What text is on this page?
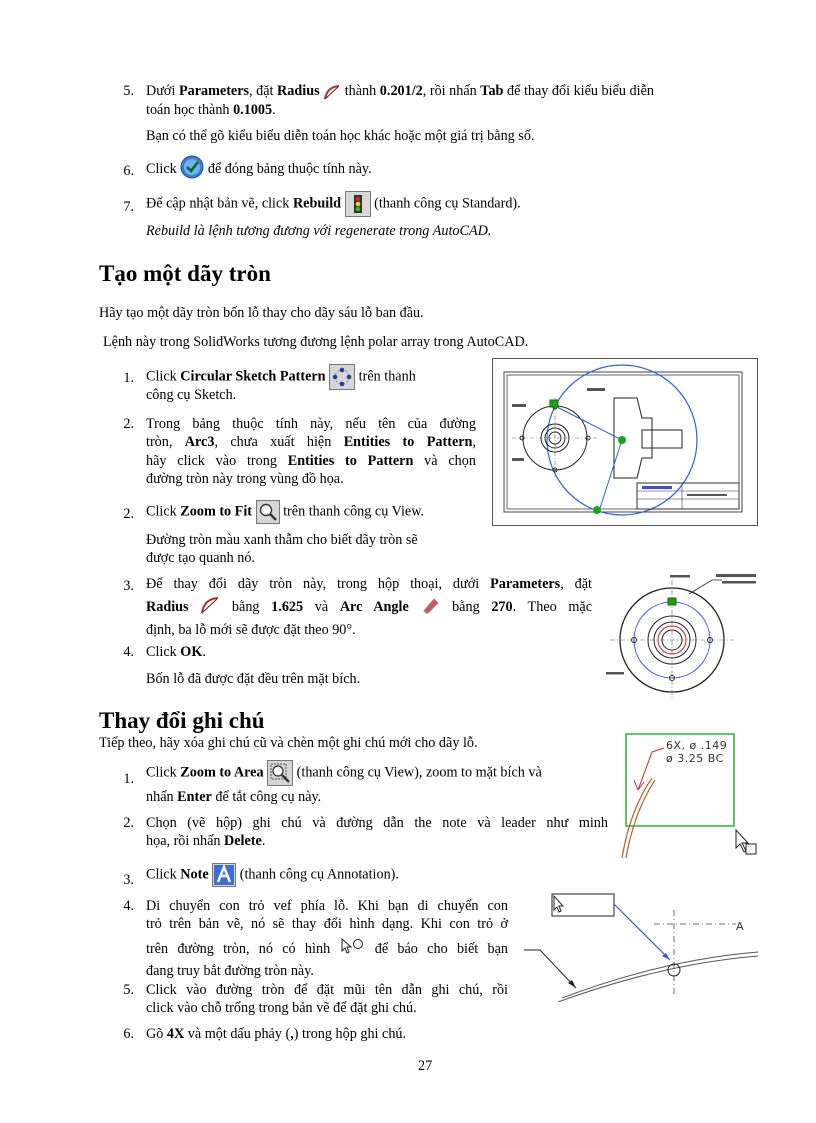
5. Dưới Parameters, đặt Radius  thành 0.201/2, rồi nhấn Tab để thay đổi kiểu biểu diễn
toán học thành 0.1005.
Bạn có thể gõ kiểu biểu diễn toán học khác hoặc một giá trị bằng số.
6. Click  để đóng bảng thuộc tính này.
7. Để cập nhật bản vẽ, click Rebuild  (thanh công cụ Standard).
Rebuild là lệnh tương đương với regenerate trong AutoCAD.
Tạo một dãy tròn
Hãy tạo một dãy tròn bốn lỗ thay cho dãy sáu lỗ ban đầu.
Lệnh này trong SolidWorks tương đương lệnh polar array trong AutoCAD.
1. Click Circular Sketch Pattern  trên thanh
công cụ Sketch.
2. Trong bảng thuộc tính này, nếu tên của đường
tròn, Arc3, chưa xuất hiện Entities to Pattern,
hãy click vào trong Entities to Pattern và chọn
đường tròn này trong vùng đồ họa.
2. Click Zoom to Fit  trên thanh công cụ View.
Đường tròn màu xanh thẫm cho biết dãy tròn sẽ
được tạo quanh nó.
3. Để thay đổi dãy tròn này, trong hộp thoại, dưới Parameters, đặt
Radius  bằng 1.625 và Arc Angle  bằng 270. Theo mặc
định, ba lỗ mới sẽ được đặt theo 90°.
4. Click OK.
Bốn lỗ đã được đặt đều trên mặt bích.
Thay đổi ghi chú
Tiếp theo, hãy xóa ghi chú cũ và chèn một ghi chú mới cho dãy lỗ.
1. Click Zoom to Area  (thanh công cụ View), zoom to mặt bích và
nhấn Enter để tắt công cụ này.
2. Chọn (vẽ hộp) ghi chú và đường dẫn the note và leader như minh
họa, rồi nhấn Delete.
6X, ø .149
ø 3.25 BC
3. Click Note  (thanh công cụ Annotation).
4. Di chuyển con trỏ vef phía lỗ. Khi bạn di chuyển con
trỏ trên bản vẽ, nó sẽ thay đổi hình dạng. Khi con trỏ ở
trên đường tròn, nó có hình  để báo cho biết bạn
đang truy bắt đường tròn này.
A
5. Click vào đường tròn để đặt mũi tên dẫn ghi chú, rồi
click vào chỗ trống trong bản vẽ để đặt ghi chú.
6. Gõ 4X và một dấu phảy (,) trong hộp ghi chú.
27
